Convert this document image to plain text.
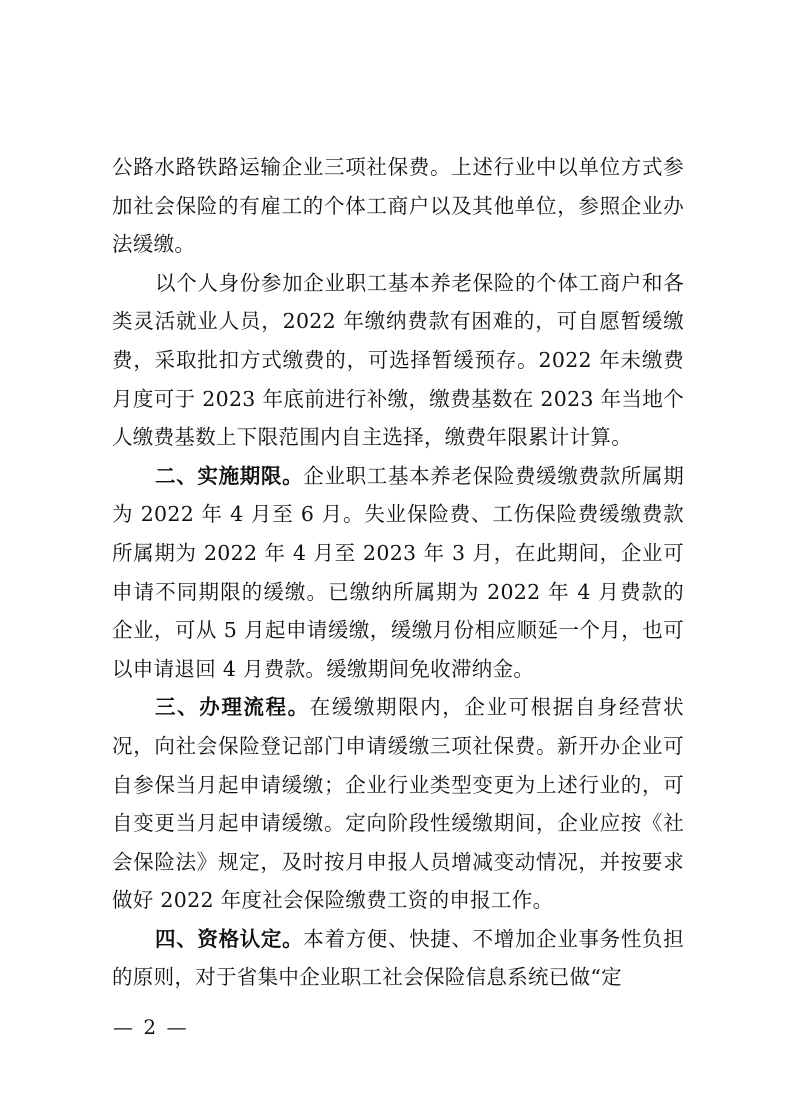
公路水路铁路运输企业三项社保费。上述行业中以单位方式参加社会保险的有雇工的个体工商户以及其他单位，参照企业办法缓缴。

以个人身份参加企业职工基本养老保险的个体工商户和各类灵活就业人员，2022 年缴纳费款有困难的，可自愿暂缓缴费，采取批扣方式缴费的，可选择暂缓预存。2022 年未缴费月度可于 2023 年底前进行补缴，缴费基数在 2023 年当地个人缴费基数上下限范围内自主选择，缴费年限累计计算。

二、实施期限。企业职工基本养老保险费缓缴费款所属期为 2022 年 4 月至 6 月。失业保险费、工伤保险费缓缴费款所属期为 2022 年 4 月至 2023 年 3 月，在此期间，企业可申请不同期限的缓缴。已缴纳所属期为 2022 年 4 月费款的企业，可从 5 月起申请缓缴，缓缴月份相应顺延一个月，也可以申请退回 4 月费款。缓缴期间免收滞纳金。

三、办理流程。在缓缴期限内，企业可根据自身经营状况，向社会保险登记部门申请缓缴三项社保费。新开办企业可自参保当月起申请缓缴；企业行业类型变更为上述行业的，可自变更当月起申请缓缴。定向阶段性缓缴期间，企业应按《社会保险法》规定，及时按月申报人员增减变动情况，并按要求做好 2022 年度社会保险缴费工资的申报工作。

四、资格认定。本着方便、快捷、不增加企业事务性负担的原则，对于省集中企业职工社会保险信息系统已做“定

— 2 —
